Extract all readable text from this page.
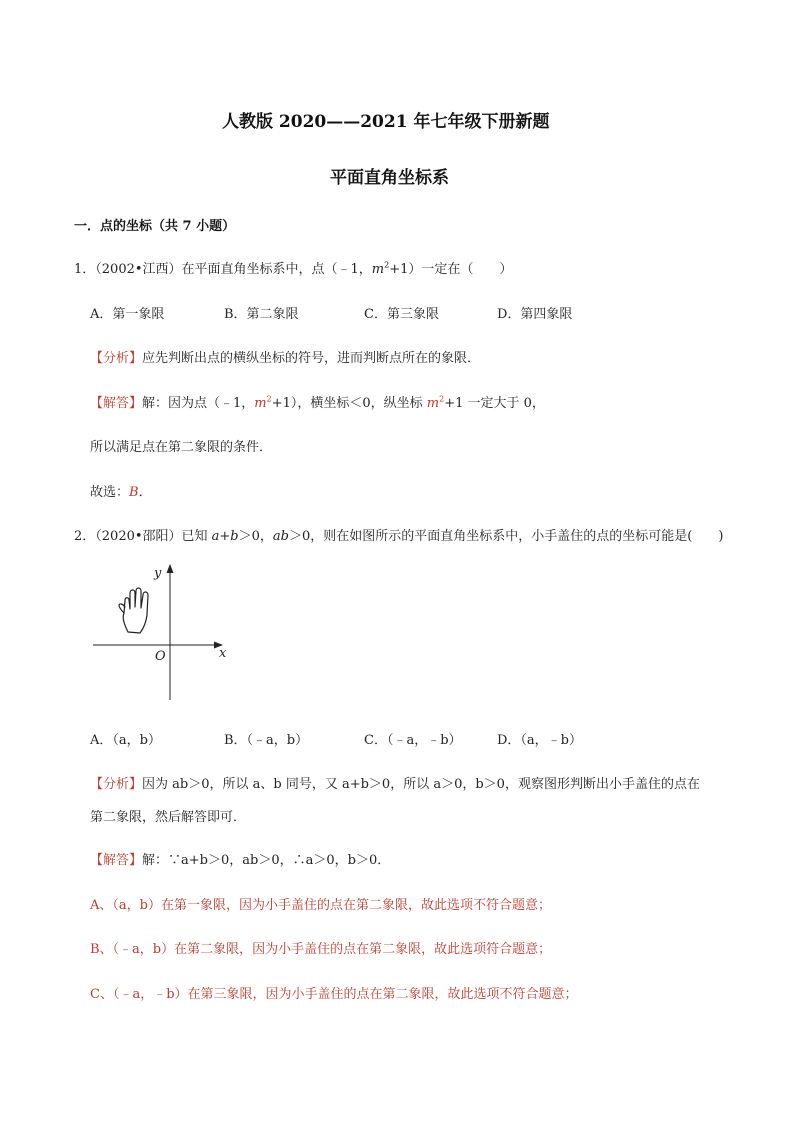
人教版 2020——2021 年七年级下册新题
平面直角坐标系
一．点的坐标（共 7 小题）
1．（2002•江西）在平面直角坐标系中，点（﹣1，$m^2+1$）一定在（　　）
A．第一象限	B．第二象限	C．第三象限	D．第四象限
【分析】应先判断出点的横纵坐标的符号，进而判断点所在的象限．
【解答】解：因为点（﹣1，$m^2+1$），横坐标＜0，纵坐标 $m^2+1$ 一定大于 0，
所以满足点在第二象限的条件．
故选：B．
2．（2020•邵阳）已知 a+b＞0，ab＞0，则在如图所示的平面直角坐标系中，小手盖住的点的坐标可能是(　　)
y
x
O
A．（a，b）	B．（﹣a，b）	C．（﹣a，﹣b）	D．（a，﹣b）
【分析】因为 ab＞0，所以 a、b 同号，又 a+b＞0，所以 a＞0，b＞0，观察图形判断出小手盖住的点在
第二象限，然后解答即可．
【解答】解：∵a+b＞0，ab＞0，∴a＞0，b＞0．
A、（a，b）在第一象限，因为小手盖住的点在第二象限，故此选项不符合题意；
B、（﹣a，b）在第二象限，因为小手盖住的点在第二象限，故此选项符合题意；
C、（﹣a，﹣b）在第三象限，因为小手盖住的点在第二象限，故此选项不符合题意；
